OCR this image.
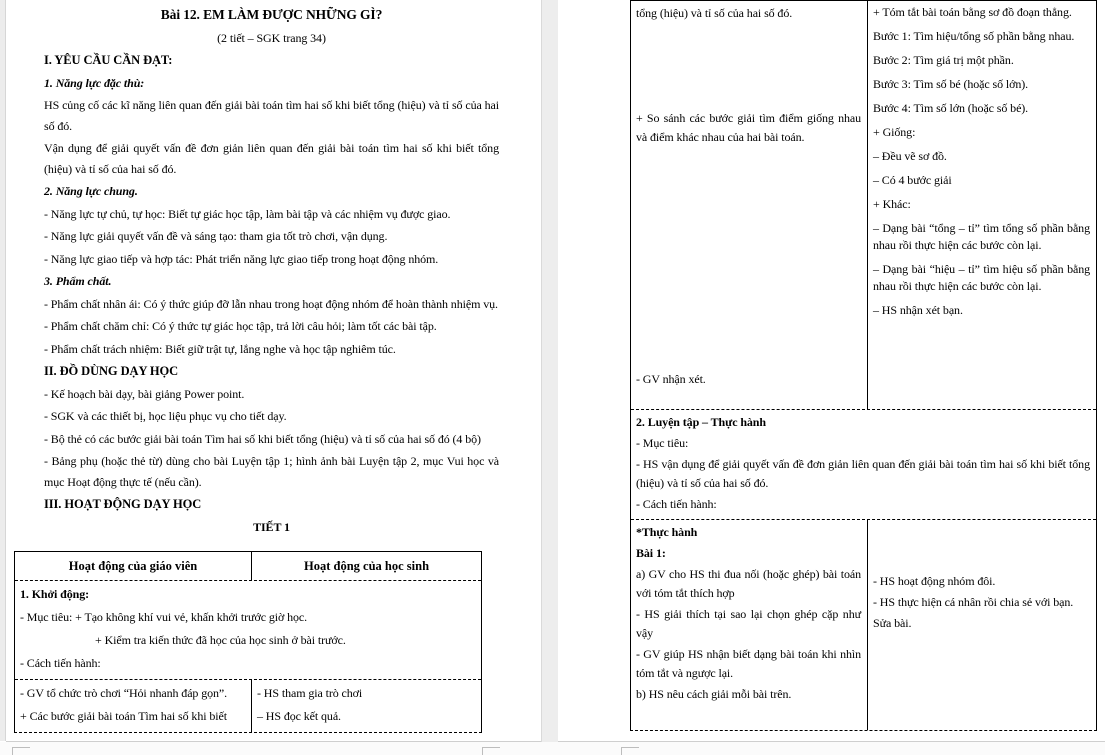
Bài 12. EM LÀM ĐƯỢC NHỮNG GÌ?

(2 tiết – SGK trang 34)

I. YÊU CẦU CẦN ĐẠT:

1. Năng lực đặc thù:

HS củng cố các kĩ năng liên quan đến giải bài toán tìm hai số khi biết tổng (hiệu) và tỉ số của hai số đó.

Vận dụng để giải quyết vấn đề đơn giản liên quan đến giải bài toán tìm hai số khi biết tổng (hiệu) và tỉ số của hai số đó.

2. Năng lực chung.

- Năng lực tự chủ, tự học: Biết tự giác học tập, làm bài tập và các nhiệm vụ được giao.

- Năng lực giải quyết vấn đề và sáng tạo: tham gia tốt trò chơi, vận dụng.

- Năng lực giao tiếp và hợp tác: Phát triển năng lực giao tiếp trong hoạt động nhóm.

3. Phẩm chất.

- Phẩm chất nhân ái: Có ý thức giúp đỡ lẫn nhau trong hoạt động nhóm để hoàn thành nhiệm vụ.

- Phẩm chất chăm chỉ: Có ý thức tự giác học tập, trả lời câu hỏi; làm tốt các bài tập.

- Phẩm chất trách nhiệm: Biết giữ trật tự, lắng nghe và học tập nghiêm túc.

II. ĐỒ DÙNG DẠY HỌC

- Kế hoạch bài dạy, bài giảng Power point.

- SGK và các thiết bị, học liệu phục vụ cho tiết dạy.

- Bộ thẻ có các bước giải bài toán Tìm hai số khi biết tổng (hiệu) và tỉ số của hai số đó (4 bộ)

- Bảng phụ (hoặc thẻ từ) dùng cho bài Luyện tập 1; hình ảnh bài Luyện tập 2, mục Vui học và mục Hoạt động thực tế (nếu cần).

III. HOẠT ĐỘNG DẠY HỌC

TIẾT 1

Hoạt động của giáo viên	Hoạt động của học sinh

1. Khởi động:

- Mục tiêu: + Tạo không khí vui vẻ, khấn khởi trước giờ học.

+ Kiểm tra kiến thức đã học của học sinh ở bài trước.

- Cách tiến hành:

- GV tổ chức trò chơi “Hỏi nhanh đáp gọn”.

+ Các bước giải bài toán Tìm hai số khi biết

- HS tham gia trò chơi

– HS đọc kết quả.

tổng (hiệu) và tỉ số của hai số đó.

+ So sánh các bước giải tìm điểm giống nhau và điểm khác nhau của hai bài toán.

- GV nhận xét.

+ Tóm tắt bài toán bằng sơ đồ đoạn thẳng.

Bước 1: Tìm hiệu/tổng số phần bằng nhau.

Bước 2: Tìm giá trị một phần.

Bước 3: Tìm số bé (hoặc số lớn).

Bước 4: Tìm số lớn (hoặc số bé).

+ Giống:

– Đều vẽ sơ đồ.

– Có 4 bước giải

+ Khác:

– Dạng bài “tổng – tỉ” tìm tổng số phần bằng nhau rồi thực hiện các bước còn lại.

– Dạng bài “hiệu – tỉ” tìm hiệu số phần bằng nhau rồi thực hiện các bước còn lại.

– HS nhận xét bạn.

2. Luyện tập – Thực hành

- Mục tiêu:

- HS vận dụng để giải quyết vấn đề đơn giản liên quan đến giải bài toán tìm hai số khi biết tổng (hiệu) và tỉ số của hai số đó.

- Cách tiến hành:

*Thực hành

Bài 1:

a) GV cho HS thi đua nối (hoặc ghép) bài toán với tóm tắt thích hợp

- HS giải thích tại sao lại chọn ghép cặp như vậy

- GV giúp HS nhận biết dạng bài toán khi nhìn tóm tắt và ngược lại.

b) HS nêu cách giải mỗi bài trên.

- HS hoạt động nhóm đôi.

- HS thực hiện cá nhân rồi chia sẻ với bạn.

Sửa bài.
